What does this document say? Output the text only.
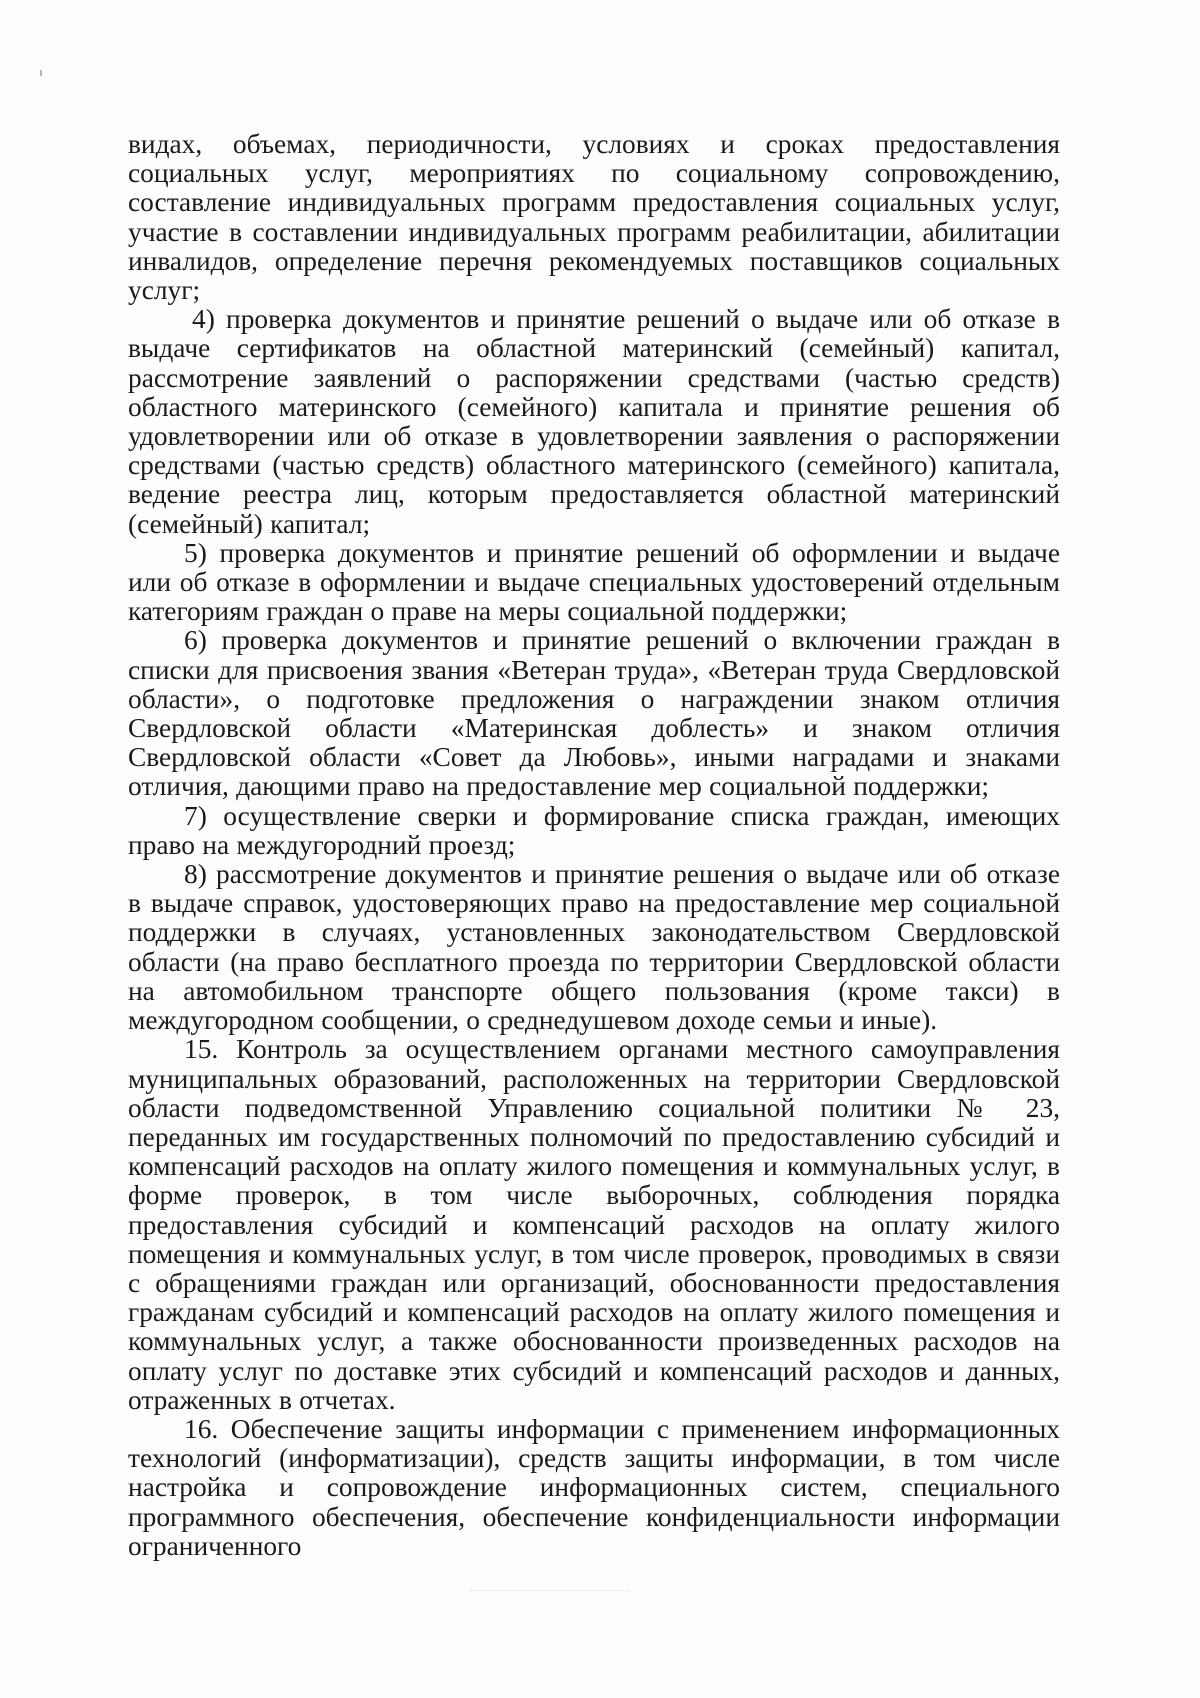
видах, объемах, периодичности, условиях и сроках предоставления социальных услуг, мероприятиях по социальному сопровождению, составление индивидуальных программ предоставления социальных услуг, участие в составлении индивидуальных программ реабилитации, абилитации инвалидов, определение перечня рекомендуемых поставщиков социальных услуг;

4) проверка документов и принятие решений о выдаче или об отказе в выдаче сертификатов на областной материнский (семейный) капитал, рассмотрение заявлений о распоряжении средствами (частью средств) областного материнского (семейного) капитала и принятие решения об удовлетворении или об отказе в удовлетворении заявления о распоряжении средствами (частью средств) областного материнского (семейного) капитала, ведение реестра лиц, которым предоставляется областной материнский (семейный) капитал;

5) проверка документов и принятие решений об оформлении и выдаче или об отказе в оформлении и выдаче специальных удостоверений отдельным категориям граждан о праве на меры социальной поддержки;

6) проверка документов и принятие решений о включении граждан в списки для присвоения звания «Ветеран труда», «Ветеран труда Свердловской области», о подготовке предложения о награждении знаком отличия Свердловской области «Материнская доблесть» и знаком отличия Свердловской области «Совет да Любовь», иными наградами и знаками отличия, дающими право на предоставление мер социальной поддержки;

7) осуществление сверки и формирование списка граждан, имеющих право на междугородний проезд;

8) рассмотрение документов и принятие решения о выдаче или об отказе в выдаче справок, удостоверяющих право на предоставление мер социальной поддержки в случаях, установленных законодательством Свердловской области (на право бесплатного проезда по территории Свердловской области на автомобильном транспорте общего пользования (кроме такси) в междугородном сообщении, о среднедушевом доходе семьи и иные).

15. Контроль за осуществлением органами местного самоуправления муниципальных образований, расположенных на территории Свердловской области подведомственной Управлению социальной политики № 23, переданных им государственных полномочий по предоставлению субсидий и компенсаций расходов на оплату жилого помещения и коммунальных услуг, в форме проверок, в том числе выборочных, соблюдения порядка предоставления субсидий и компенсаций расходов на оплату жилого помещения и коммунальных услуг, в том числе проверок, проводимых в связи с обращениями граждан или организаций, обоснованности предоставления гражданам субсидий и компенсаций расходов на оплату жилого помещения и коммунальных услуг, а также обоснованности произведенных расходов на оплату услуг по доставке этих субсидий и компенсаций расходов и данных, отраженных в отчетах.

16. Обеспечение защиты информации с применением информационных технологий (информатизации), средств защиты информации, в том числе настройка и сопровождение информационных систем, специального программного обеспечения, обеспечение конфиденциальности информации ограниченного
